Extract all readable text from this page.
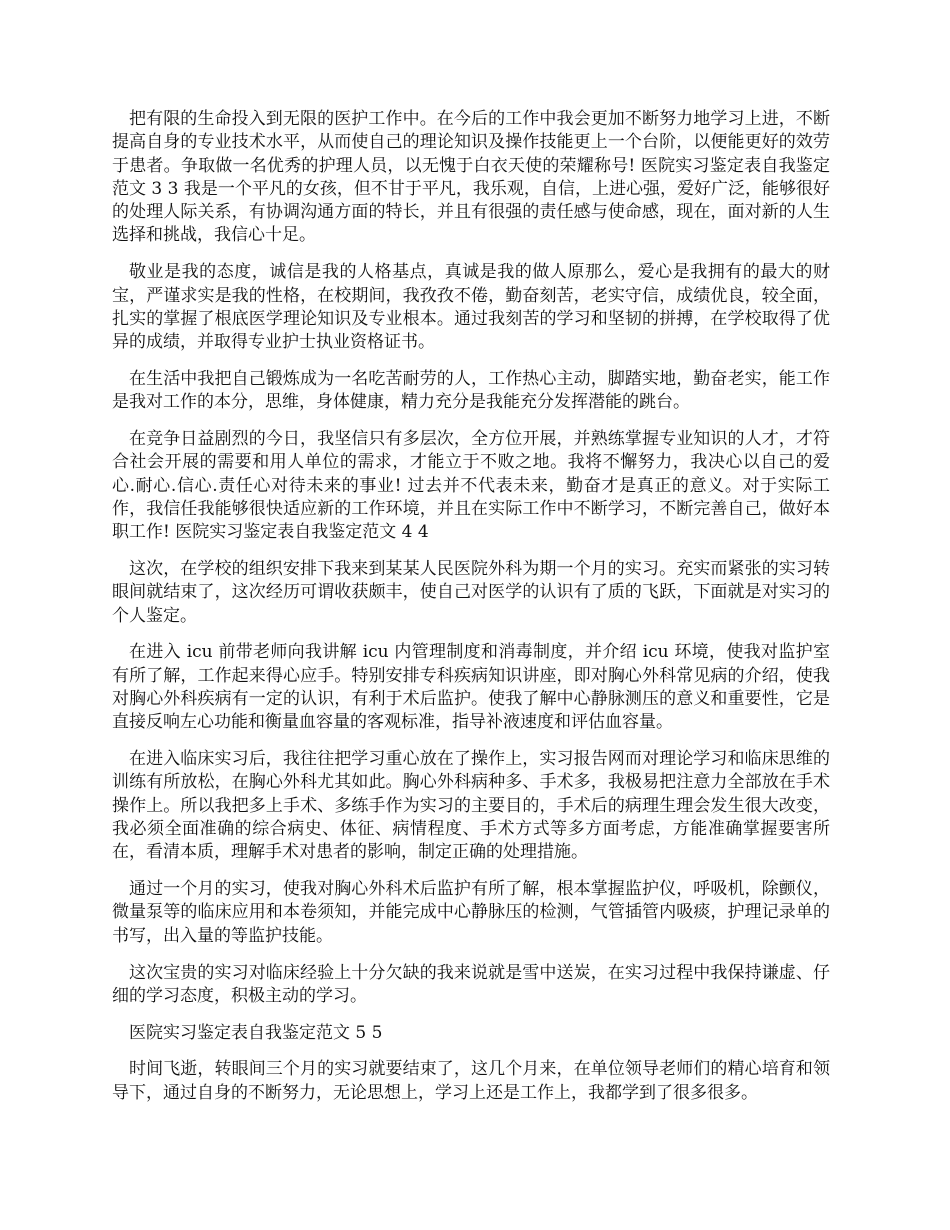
把有限的生命投入到无限的医护工作中。在今后的工作中我会更加不断努力地学习上进，不断提高自身的专业技术水平，从而使自己的理论知识及操作技能更上一个台阶，以便能更好的效劳于患者。争取做一名优秀的护理人员，以无愧于白衣天使的荣耀称号! 医院实习鉴定表自我鉴定范文 3 3 我是一个平凡的女孩，但不甘于平凡，我乐观，自信，上进心强，爱好广泛，能够很好的处理人际关系，有协调沟通方面的特长，并且有很强的责任感与使命感，现在，面对新的人生选择和挑战，我信心十足。

敬业是我的态度，诚信是我的人格基点，真诚是我的做人原那么，爱心是我拥有的最大的财宝，严谨求实是我的性格，在校期间，我孜孜不倦，勤奋刻苦，老实守信，成绩优良，较全面，扎实的掌握了根底医学理论知识及专业根本。通过我刻苦的学习和坚韧的拼搏，在学校取得了优异的成绩，并取得专业护士执业资格证书。

在生活中我把自己锻炼成为一名吃苦耐劳的人，工作热心主动，脚踏实地，勤奋老实，能工作是我对工作的本分，思维，身体健康，精力充分是我能充分发挥潜能的跳台。

在竞争日益剧烈的今日，我坚信只有多层次，全方位开展，并熟练掌握专业知识的人才，才符合社会开展的需要和用人单位的需求，才能立于不败之地。我将不懈努力，我决心以自己的爱心.耐心.信心.责任心对待未来的事业! 过去并不代表未来，勤奋才是真正的意义。对于实际工作，我信任我能够很快适应新的工作环境，并且在实际工作中不断学习，不断完善自己，做好本职工作! 医院实习鉴定表自我鉴定范文 4 4

这次，在学校的组织安排下我来到某某人民医院外科为期一个月的实习。充实而紧张的实习转眼间就结束了，这次经历可谓收获颇丰，使自己对医学的认识有了质的飞跃，下面就是对实习的个人鉴定。

在进入 icu 前带老师向我讲解 icu 内管理制度和消毒制度，并介绍 icu 环境，使我对监护室有所了解，工作起来得心应手。特别安排专科疾病知识讲座，即对胸心外科常见病的介绍，使我对胸心外科疾病有一定的认识，有利于术后监护。使我了解中心静脉测压的意义和重要性，它是直接反响左心功能和衡量血容量的客观标准，指导补液速度和评估血容量。

在进入临床实习后，我往往把学习重心放在了操作上，实习报告网而对理论学习和临床思维的训练有所放松，在胸心外科尤其如此。胸心外科病种多、手术多，我极易把注意力全部放在手术操作上。所以我把多上手术、多练手作为实习的主要目的，手术后的病理生理会发生很大改变，我必须全面准确的综合病史、体征、病情程度、手术方式等多方面考虑，方能准确掌握要害所在，看清本质，理解手术对患者的影响，制定正确的处理措施。

通过一个月的实习，使我对胸心外科术后监护有所了解，根本掌握监护仪，呼吸机，除颤仪，微量泵等的临床应用和本卷须知，并能完成中心静脉压的检测，气管插管内吸痰，护理记录单的书写，出入量的等监护技能。

这次宝贵的实习对临床经验上十分欠缺的我来说就是雪中送炭，在实习过程中我保持谦虚、仔细的学习态度，积极主动的学习。

医院实习鉴定表自我鉴定范文 5 5

时间飞逝，转眼间三个月的实习就要结束了，这几个月来，在单位领导老师们的精心培育和领导下，通过自身的不断努力，无论思想上，学习上还是工作上，我都学到了很多很多。
